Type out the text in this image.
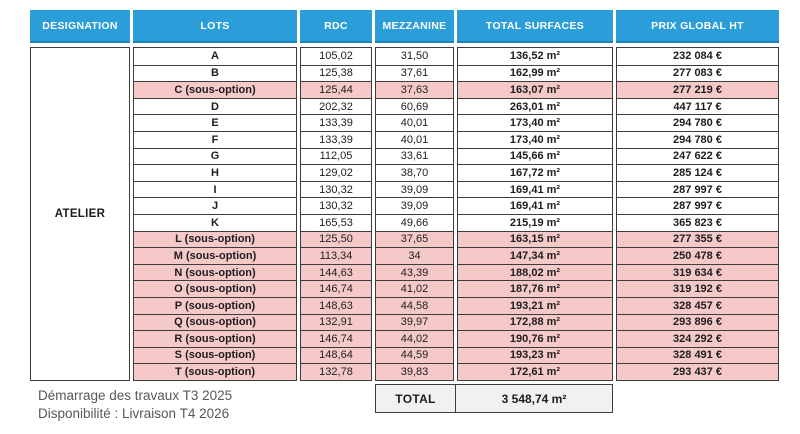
DESIGNATION
ATELIER
LOTS
A
B
C (sous-option)
D
E
F
G
H
I
J
K
L (sous-option)
M (sous-option)
N (sous-option)
O (sous-option)
P (sous-option)
Q (sous-option)
R (sous-option)
S (sous-option)
T (sous-option)
RDC
105,02
125,38
125,44
202,32
133,39
133,39
112,05
129,02
130,32
130,32
165,53
125,50
113,34
144,63
146,74
148,63
132,91
146,74
148,64
132,78
MEZZANINE
31,50
37,61
37,63
60,69
40,01
40,01
33,61
38,70
39,09
39,09
49,66
37,65
34
43,39
41,02
44,58
39,97
44,02
44,59
39,83
TOTAL SURFACES
136,52 m²
162,99 m²
163,07 m²
263,01 m²
173,40 m²
173,40 m²
145,66 m²
167,72 m²
169,41 m²
169,41 m²
215,19 m²
163,15 m²
147,34 m²
188,02 m²
187,76 m²
193,21 m²
172,88 m²
190,76 m²
193,23 m²
172,61 m²
PRIX GLOBAL HT
232 084 €
277 083 €
277 219 €
447 117 €
294 780 €
294 780 €
247 622 €
285 124 €
287 997 €
287 997 €
365 823 €
277 355 €
250 478 €
319 634 €
319 192 €
328 457 €
293 896 €
324 292 €
328 491 €
293 437 €
Démarrage des travaux T3 2025
Disponibilité : Livraison T4 2026
TOTAL	3 548,74 m²
